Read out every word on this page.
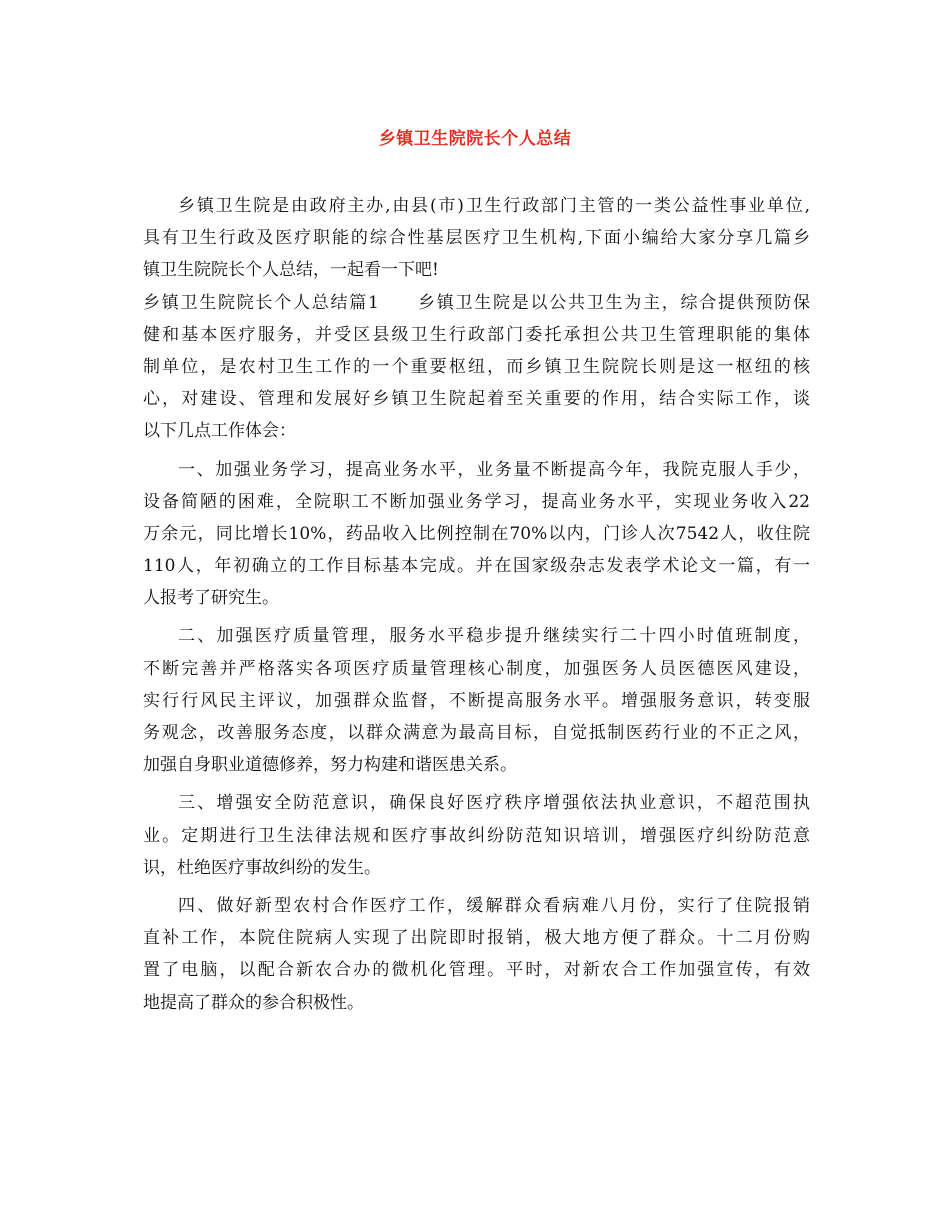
乡镇卫生院院长个人总结
乡镇卫生院是由政府主办,由县(市)卫生行政部门主管的一类公益性事业单位,
具有卫生行政及医疗职能的综合性基层医疗卫生机构,下面小编给大家分享几篇乡
镇卫生院院长个人总结，一起看一下吧!
乡镇卫生院院长个人总结篇1　　乡镇卫生院是以公共卫生为主，综合提供预防保
健和基本医疗服务，并受区县级卫生行政部门委托承担公共卫生管理职能的集体
制单位，是农村卫生工作的一个重要枢纽，而乡镇卫生院院长则是这一枢纽的核
心，对建设、管理和发展好乡镇卫生院起着至关重要的作用，结合实际工作，谈
以下几点工作体会：
一、加强业务学习，提高业务水平，业务量不断提高今年，我院克服人手少，
设备简陋的困难，全院职工不断加强业务学习，提高业务水平，实现业务收入22
万余元，同比增长10%，药品收入比例控制在70%以内，门诊人次7542人，收住院
110人，年初确立的工作目标基本完成。并在国家级杂志发表学术论文一篇，有一
人报考了研究生。
二、加强医疗质量管理，服务水平稳步提升继续实行二十四小时值班制度，
不断完善并严格落实各项医疗质量管理核心制度，加强医务人员医德医风建设，
实行行风民主评议，加强群众监督，不断提高服务水平。增强服务意识，转变服
务观念，改善服务态度，以群众满意为最高目标，自觉抵制医药行业的不正之风，
加强自身职业道德修养，努力构建和谐医患关系。
三、增强安全防范意识，确保良好医疗秩序增强依法执业意识，不超范围执
业。定期进行卫生法律法规和医疗事故纠纷防范知识培训，增强医疗纠纷防范意
识，杜绝医疗事故纠纷的发生。
四、做好新型农村合作医疗工作，缓解群众看病难八月份，实行了住院报销
直补工作，本院住院病人实现了出院即时报销，极大地方便了群众。十二月份购
置了电脑，以配合新农合办的微机化管理。平时，对新农合工作加强宣传，有效
地提高了群众的参合积极性。
